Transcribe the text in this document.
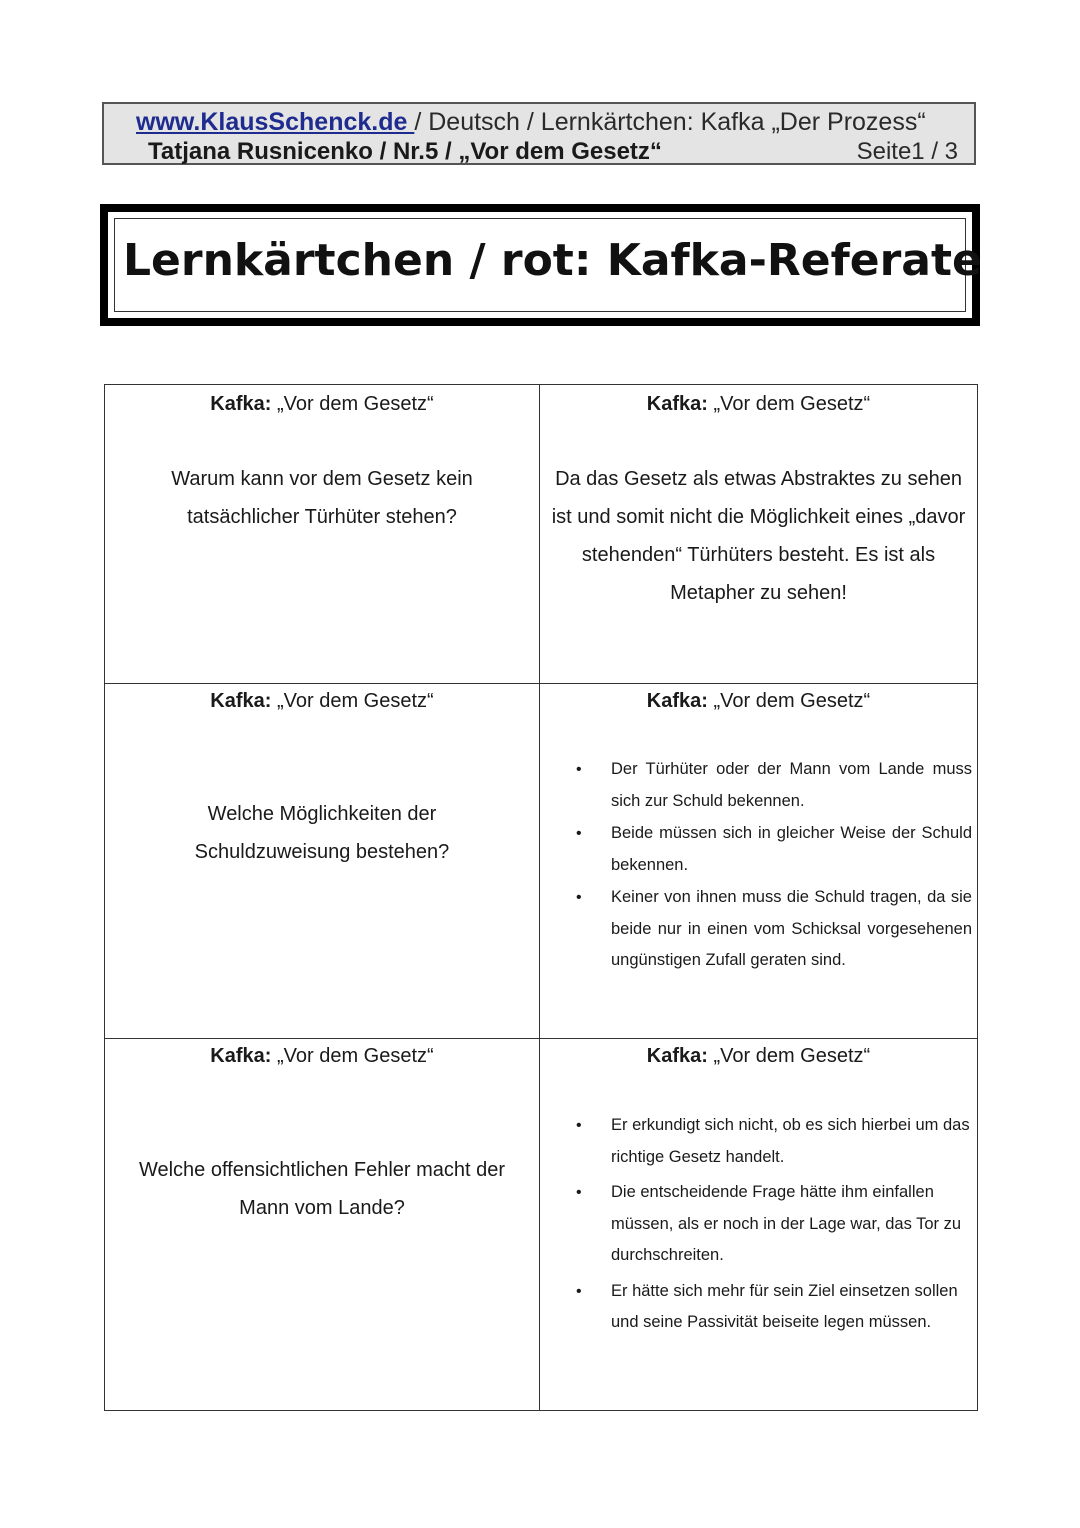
www.KlausSchenck.de / Deutsch / Lernkärtchen: Kafka „Der Prozess“
Tatjana Rusnicenko / Nr.5 / „Vor dem Gesetz“	Seite1 / 3
Lernkärtchen / rot: Kafka-Referate
Kafka: „Vor dem Gesetz“
Warum kann vor dem Gesetz kein tatsächlicher Türhüter stehen?
Kafka: „Vor dem Gesetz“
Da das Gesetz als etwas Abstraktes zu sehen ist und somit nicht die Möglichkeit eines „davor stehenden“ Türhüters besteht. Es ist als Metapher zu sehen!
Kafka: „Vor dem Gesetz“
Welche Möglichkeiten der Schuldzuweisung bestehen?
Kafka: „Vor dem Gesetz“
• Der Türhüter oder der Mann vom Lande muss sich zur Schuld bekennen.
• Beide müssen sich in gleicher Weise der Schuld bekennen.
• Keiner von ihnen muss die Schuld tragen, da sie beide nur in einen vom Schicksal vorgesehenen ungünstigen Zufall geraten sind.
Kafka: „Vor dem Gesetz“
Welche offensichtlichen Fehler macht der Mann vom Lande?
Kafka: „Vor dem Gesetz“
• Er erkundigt sich nicht, ob es sich hierbei um das richtige Gesetz handelt.
• Die entscheidende Frage hätte ihm einfallen müssen, als er noch in der Lage war, das Tor zu durchschreiten.
• Er hätte sich mehr für sein Ziel einsetzen sollen und seine Passivität beiseite legen müssen.
